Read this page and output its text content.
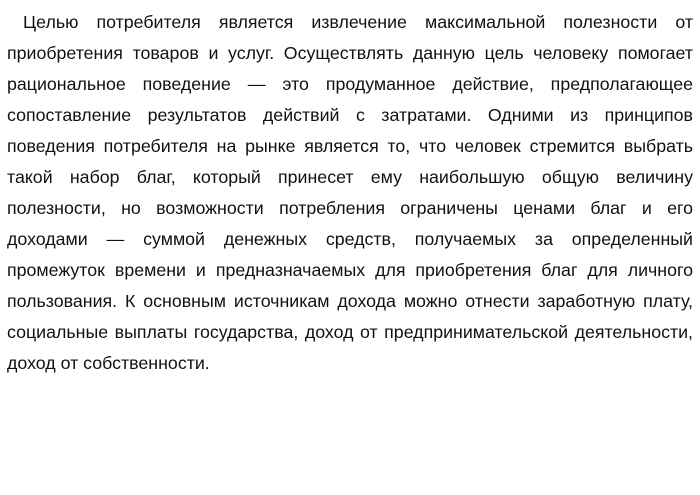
Целью потребителя является извлечение максимальной полезности от приобретения товаров и услуг. Осуществлять данную цель человеку помогает рациональное поведение — это продуманное действие, предполагающее сопоставление результатов действий с затратами. Одними из принципов поведения потребителя на рынке является то, что человек стремится выбрать такой набор благ, который принесет ему наибольшую общую величину полезности, но возможности потребления ограничены ценами благ и его доходами — суммой денежных средств, получаемых за определенный промежуток времени и предназначаемых для приобретения благ для личного пользования. К основным источникам дохода можно отнести заработную плату, социальные выплаты государства, доход от предпринимательской деятельности, доход от собственности.
